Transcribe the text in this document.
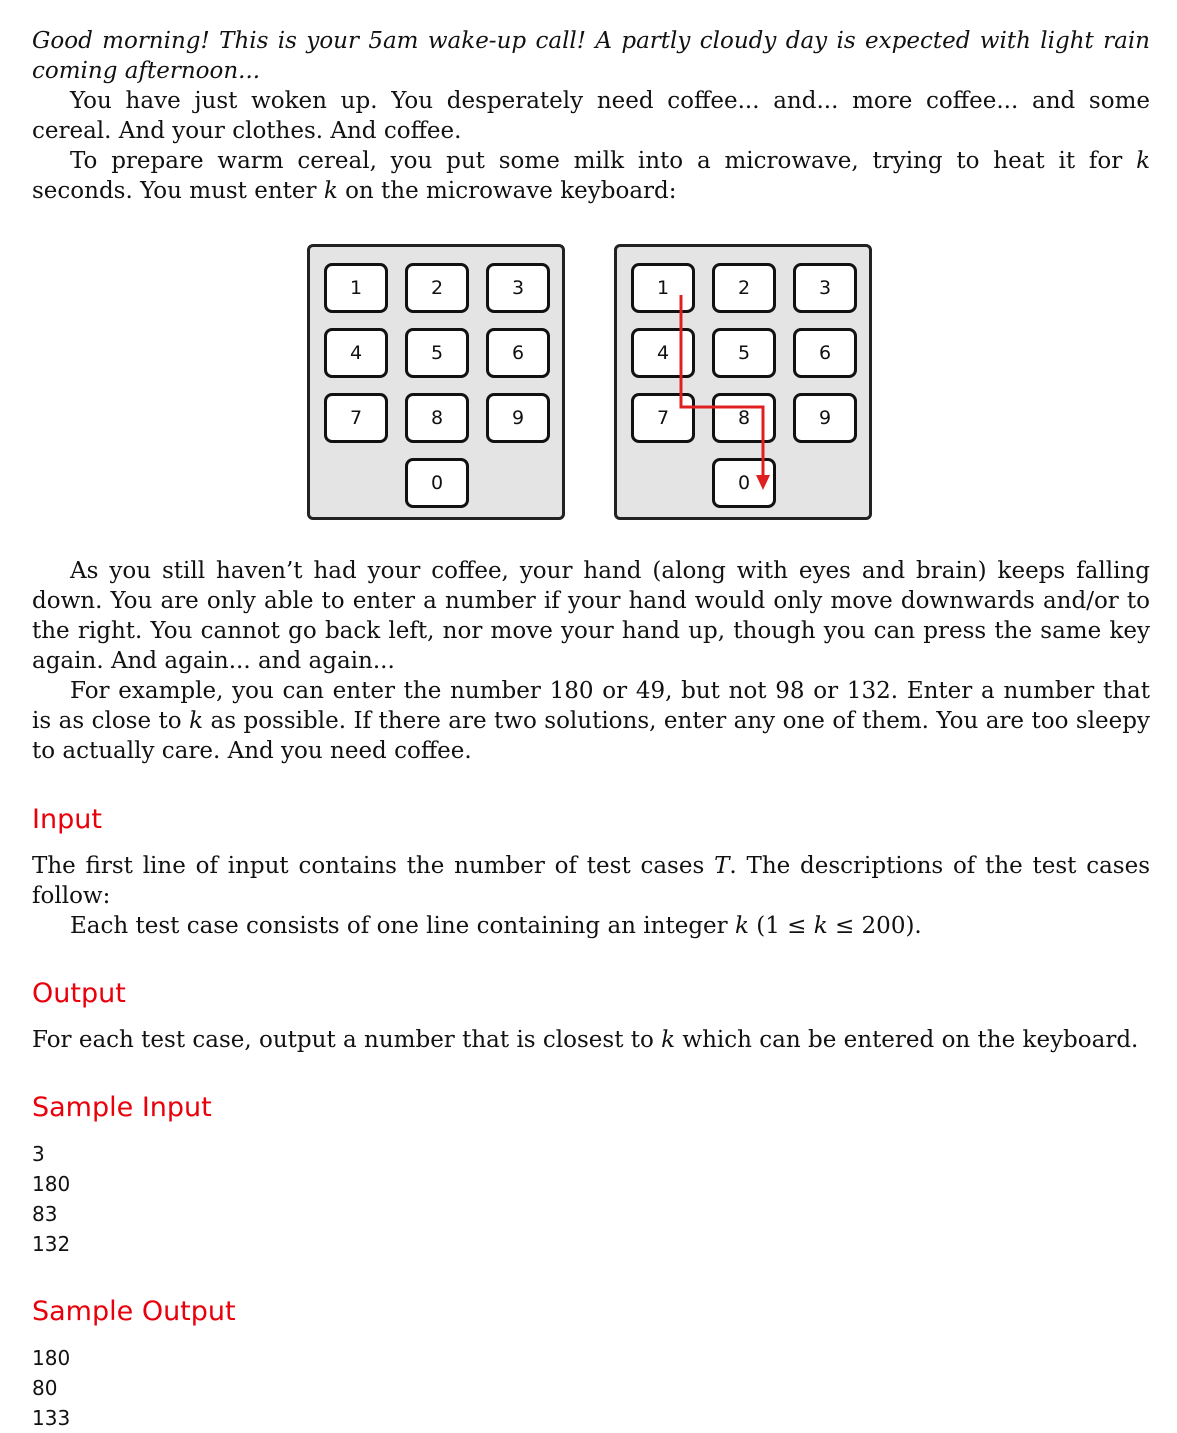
Good morning! This is your 5am wake-up call! A partly cloudy day is expected with light rain coming afternoon...

You have just woken up. You desperately need coffee... and... more coffee... and some cereal. And your clothes. And coffee.

To prepare warm cereal, you put some milk into a microwave, trying to heat it for k seconds. You must enter k on the microwave keyboard:

0
9
8
7
6
5
4
3
2
1
0
9
8
7
6
5
4
3
2
1

As you still haven’t had your coffee, your hand (along with eyes and brain) keeps falling down. You are only able to enter a number if your hand would only move downwards and/or to the right. You cannot go back left, nor move your hand up, though you can press the same key again. And again... and again...

For example, you can enter the number 180 or 49, but not 98 or 132. Enter a number that is as close to k as possible. If there are two solutions, enter any one of them. You are too sleepy to actually care. And you need coffee.

Input

The first line of input contains the number of test cases T. The descriptions of the test cases follow:

Each test case consists of one line containing an integer k (1 ≤ k ≤ 200).

Output

For each test case, output a number that is closest to k which can be entered on the keyboard.

Sample Input

3

180

83

132

Sample Output

180

80

133
